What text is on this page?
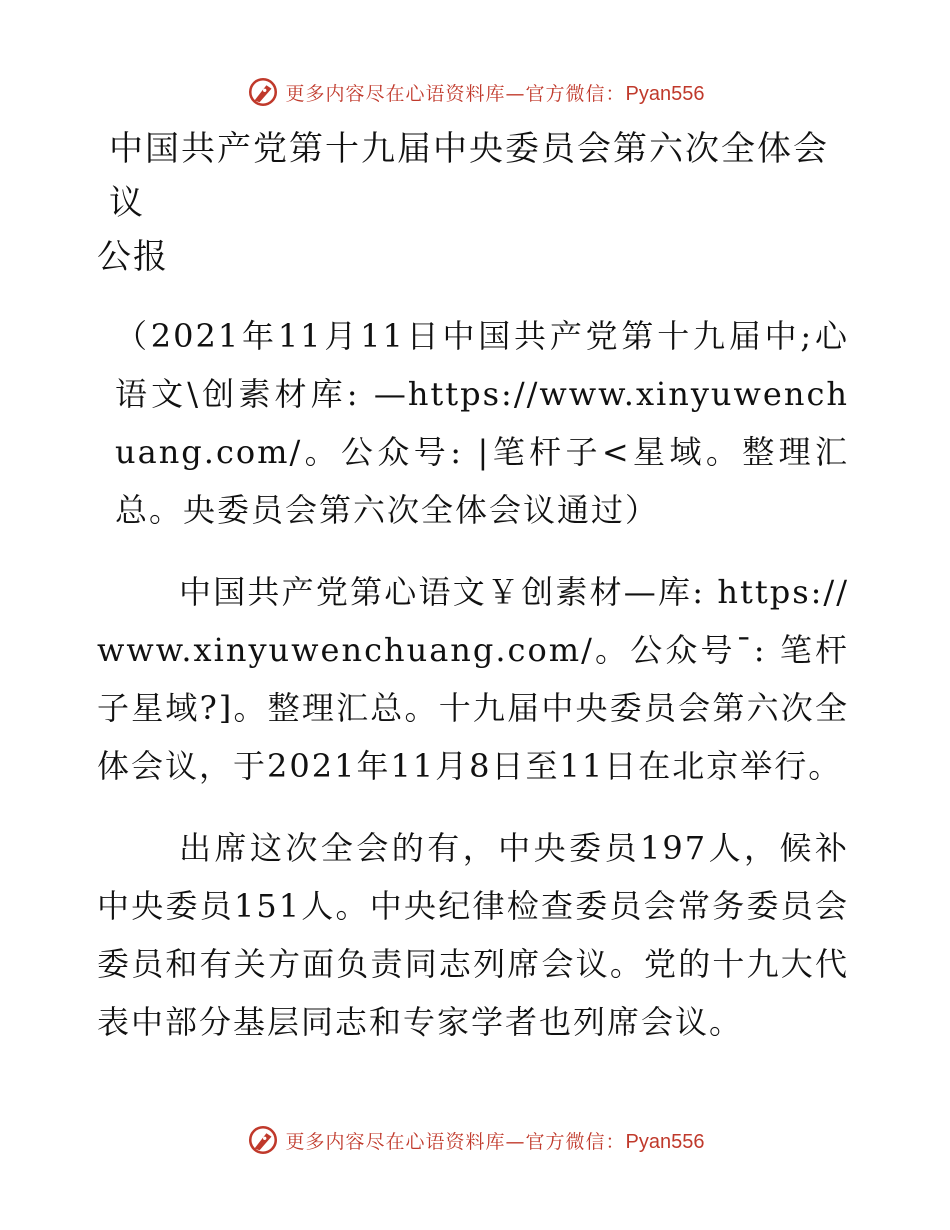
更多内容尽在心语资料库—官方微信：Pyan556
中国共产党第十九届中央委员会第六次全体会议
公报

（2021年11月11日中国共产党第十九届中;心语文\创素材库: —https://www.xinyuwenchuang.com/。公众号: |笔杆子<星域。整理汇总。央委员会第六次全体会议通过）

中国共产党第心语文￥创素材—库: https://www.xinyuwenchuang.com/。公众号¯: 笔杆子星域?]。整理汇总。十九届中央委员会第六次全体会议，于2021年11月8日至11日在北京举行。

出席这次全会的有，中央委员197人，候补中央委员151人。中央纪律检查委员会常务委员会委员和有关方面负责同志列席会议。党的十九大代表中部分基层同志和专家学者也列席会议。

更多内容尽在心语资料库—官方微信：Pyan556
